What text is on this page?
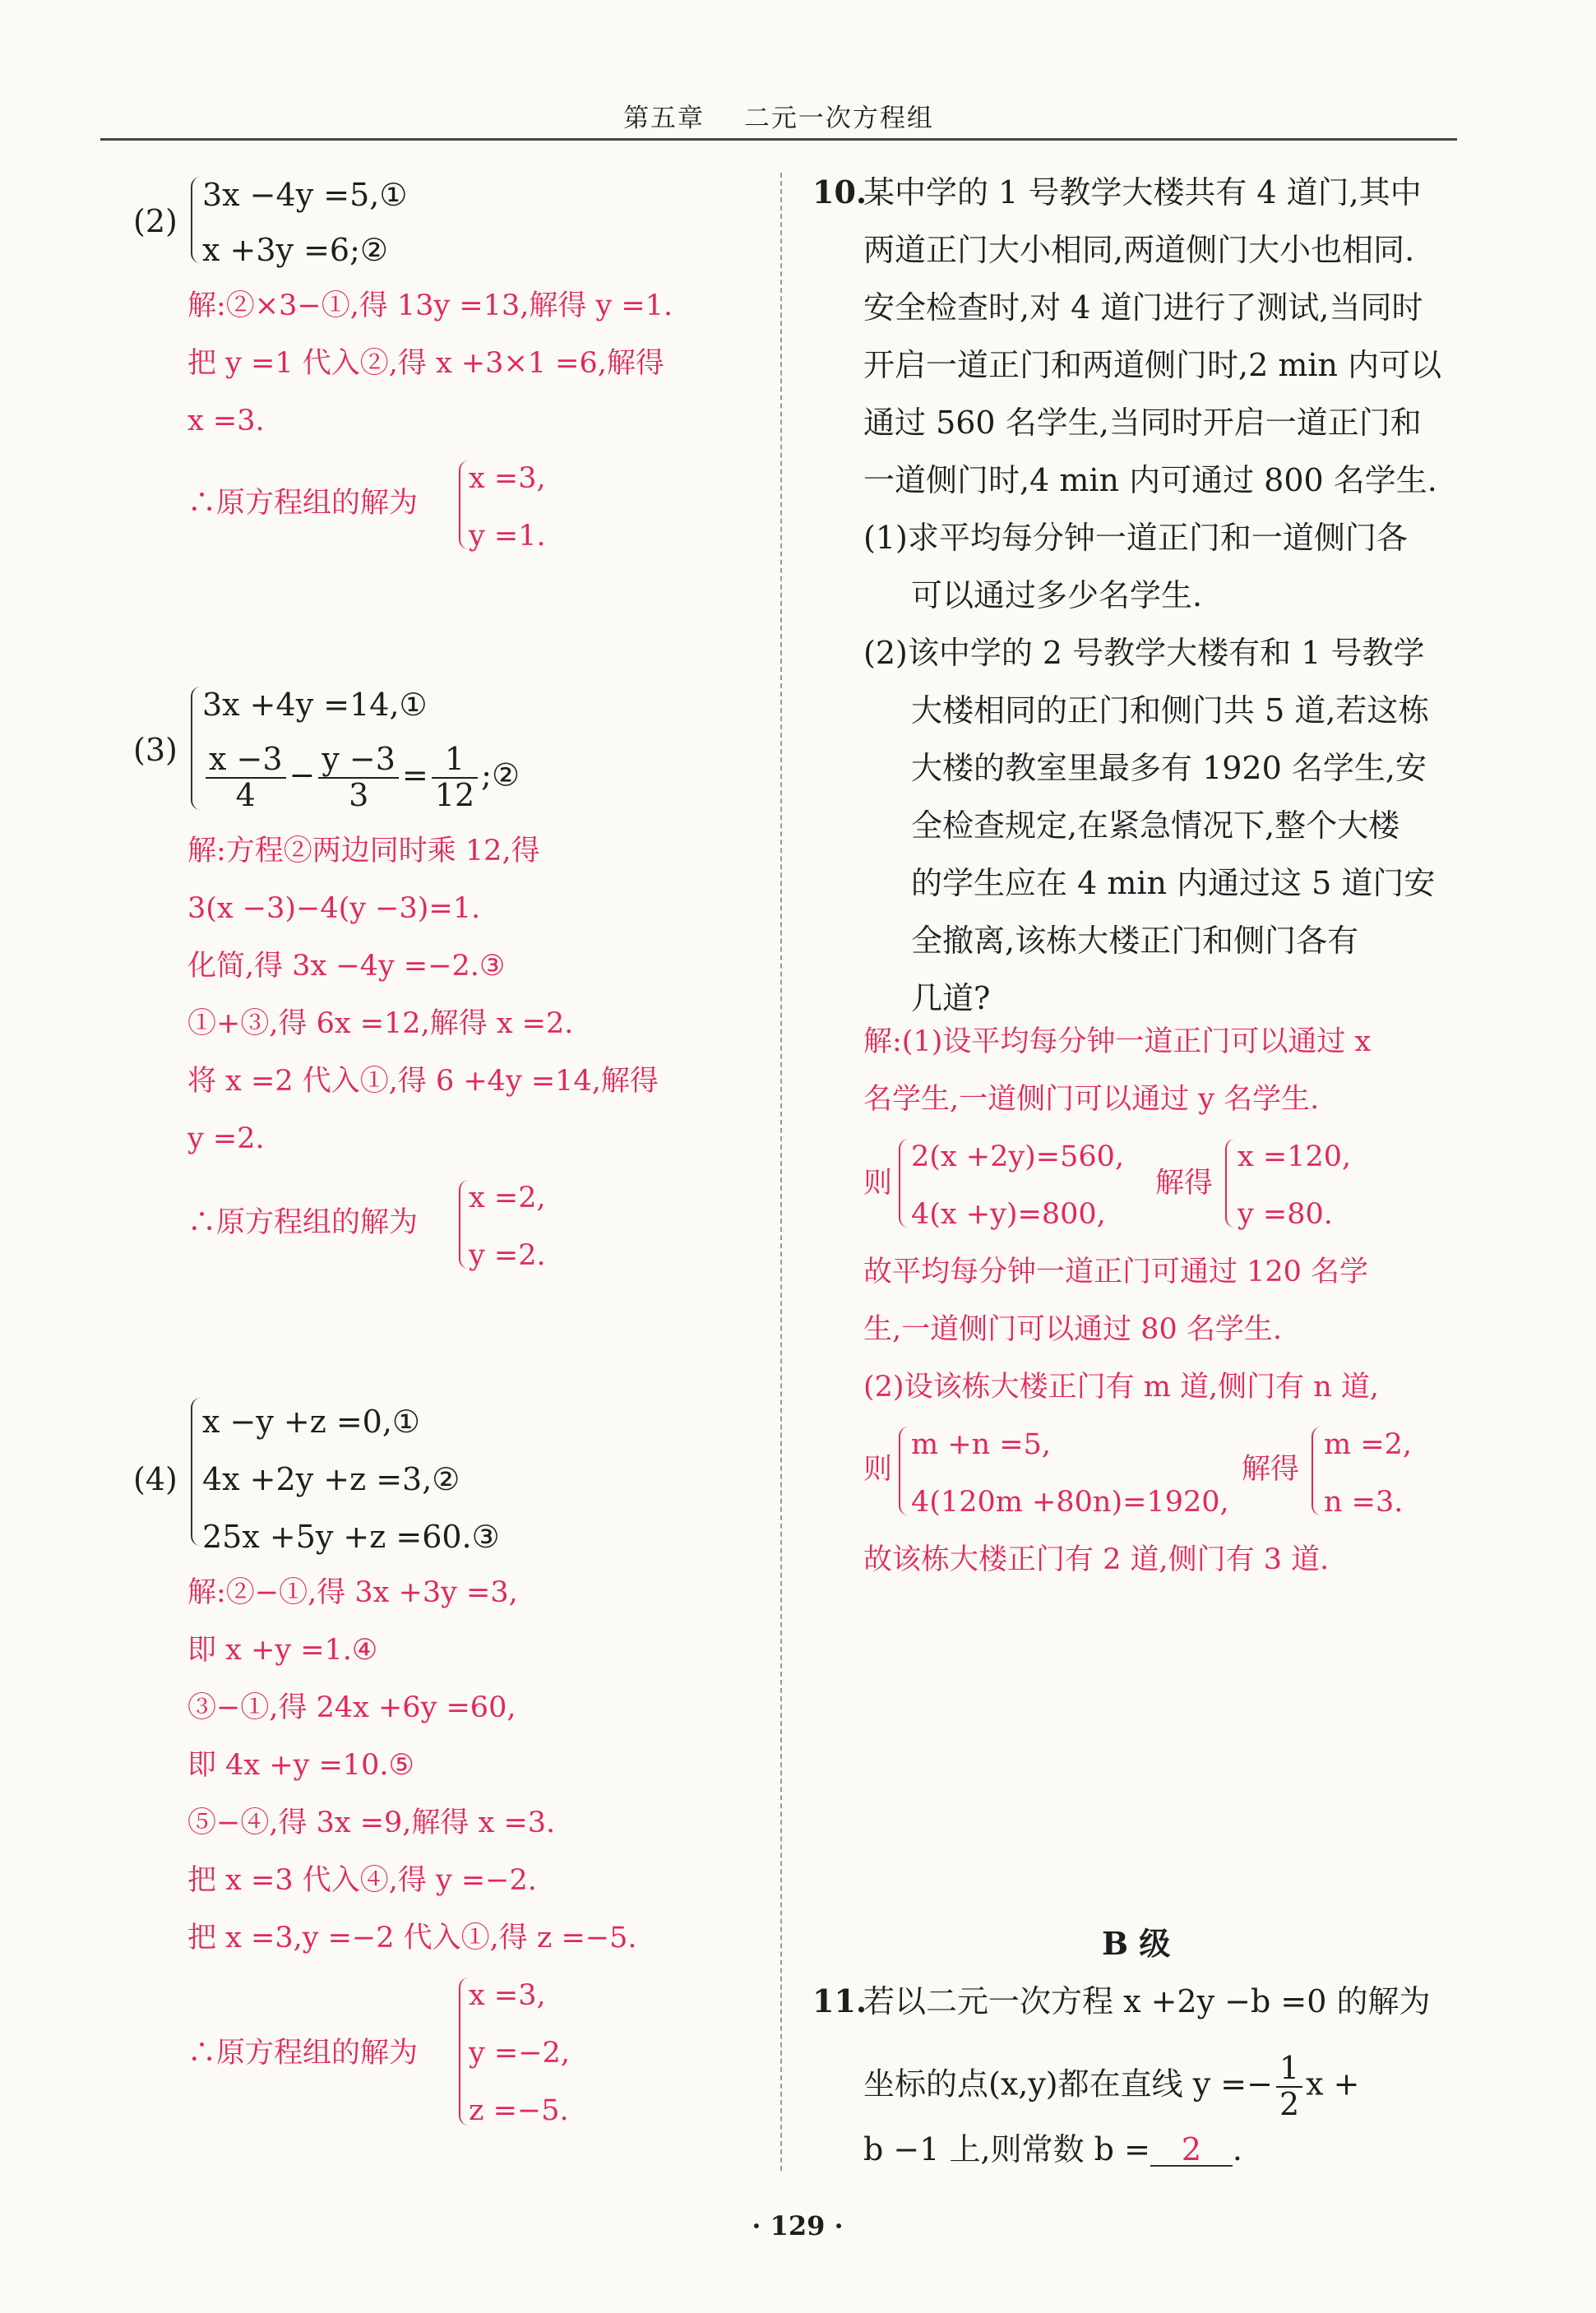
第五章 二元一次方程组
(2)
3x −4y =5,①
x +3y =6;②
解:②×3−①,得 13y =13,解得 y =1.
把 y =1 代入②,得 x +3×1 =6,解得
x =3.
∴原方程组的解为
x =3,
y =1.
(3)
3x +4y =14,①
$\frac{x -3}{4} - \frac{y -3}{3} = \frac{1}{12}$ ;②
解:方程②两边同时乘 12,得
3(x −3)−4(y −3)=1.
化简,得 3x −4y =−2.③
①+③,得 6x =12,解得 x =2.
将 x =2 代入①,得 6 +4y =14,解得
y =2.
∴原方程组的解为
x =2,
y =2.
(4)
x −y +z =0,①
4x +2y +z =3,②
25x +5y +z =60.③
解:②−①,得 3x +3y =3,
即 x +y =1.④
③−①,得 24x +6y =60,
即 4x +y =10.⑤
⑤−④,得 3x =9,解得 x =3.
把 x =3 代入④,得 y =−2.
把 x =3,y =−2 代入①,得 z =−5.
∴原方程组的解为
x =3,
y =−2,
z =−5.
10.
某中学的 1 号教学大楼共有 4 道门,其中
两道正门大小相同,两道侧门大小也相同.
安全检查时,对 4 道门进行了测试,当同时
开启一道正门和两道侧门时,2 min 内可以
通过 560 名学生,当同时开启一道正门和
一道侧门时,4 min 内可通过 800 名学生.
(1)求平均每分钟一道正门和一道侧门各
可以通过多少名学生.
(2)该中学的 2 号教学大楼有和 1 号教学
大楼相同的正门和侧门共 5 道,若这栋
大楼的教室里最多有 1920 名学生,安
全检查规定,在紧急情况下,整个大楼
的学生应在 4 min 内通过这 5 道门安
全撤离,该栋大楼正门和侧门各有
几道?
解:(1)设平均每分钟一道正门可以通过 x
名学生,一道侧门可以通过 y 名学生.
则
2(x +2y)=560,
4(x +y)=800,
解得
x =120,
y =80.
故平均每分钟一道正门可通过 120 名学
生,一道侧门可以通过 80 名学生.
(2)设该栋大楼正门有 m 道,侧门有 n 道,
则
m +n =5,
4(120m +80n)=1920,
解得
m =2,
n =3.
故该栋大楼正门有 2 道,侧门有 3 道.
B 级
11.
若以二元一次方程 x +2y −b =0 的解为
坐标的点(x,y)都在直线 $y =- \frac{1}{2}$ x +
b −1 上,则常数 b = 2 .
· 129 ·
